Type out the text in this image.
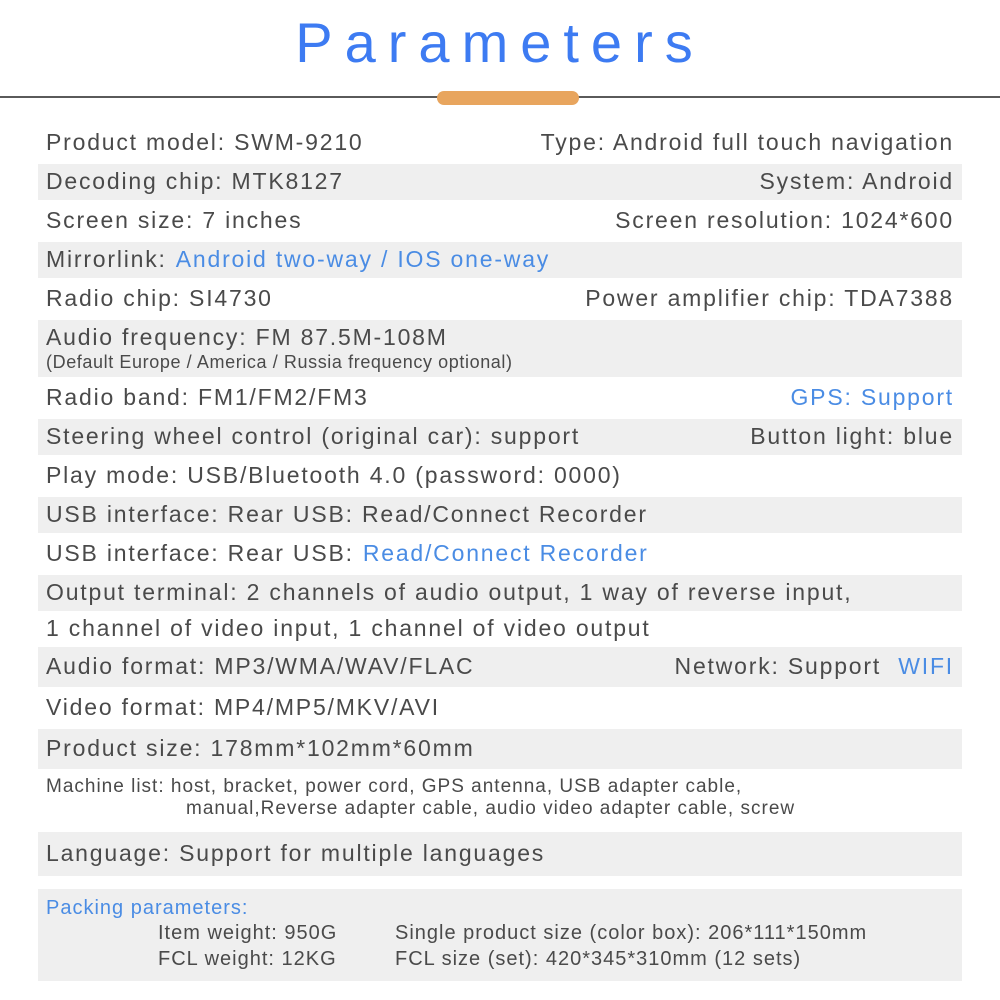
Parameters
Product model: SWM-9210	Type: Android full touch navigation
Decoding chip: MTK8127	System: Android
Screen size: 7 inches	Screen resolution: 1024*600
Mirrorlink: Android two-way / IOS one-way
Radio chip: SI4730	Power amplifier chip: TDA7388
Audio frequency: FM 87.5M-108M
(Default Europe / America / Russia frequency optional)
Radio band: FM1/FM2/FM3	GPS: Support
Steering wheel control (original car): support	Button light: blue
Play mode: USB/Bluetooth 4.0 (password: 0000)
USB interface: Rear USB: Read/Connect Recorder
USB interface: Rear USB: Read/Connect Recorder
Output terminal: 2 channels of audio output, 1 way of reverse input,
1 channel of video input, 1 channel of video output
Audio format: MP3/WMA/WAV/FLAC	Network: Support WIFI
Video format: MP4/MP5/MKV/AVI
Product size: 178mm*102mm*60mm
Machine list: host, bracket, power cord, GPS antenna, USB adapter cable,
manual,Reverse adapter cable, audio video adapter cable, screw
Language: Support for multiple languages
Packing parameters:
Item weight: 950G	Single product size (color box): 206*111*150mm
FCL weight: 12KG	FCL size (set): 420*345*310mm (12 sets)
